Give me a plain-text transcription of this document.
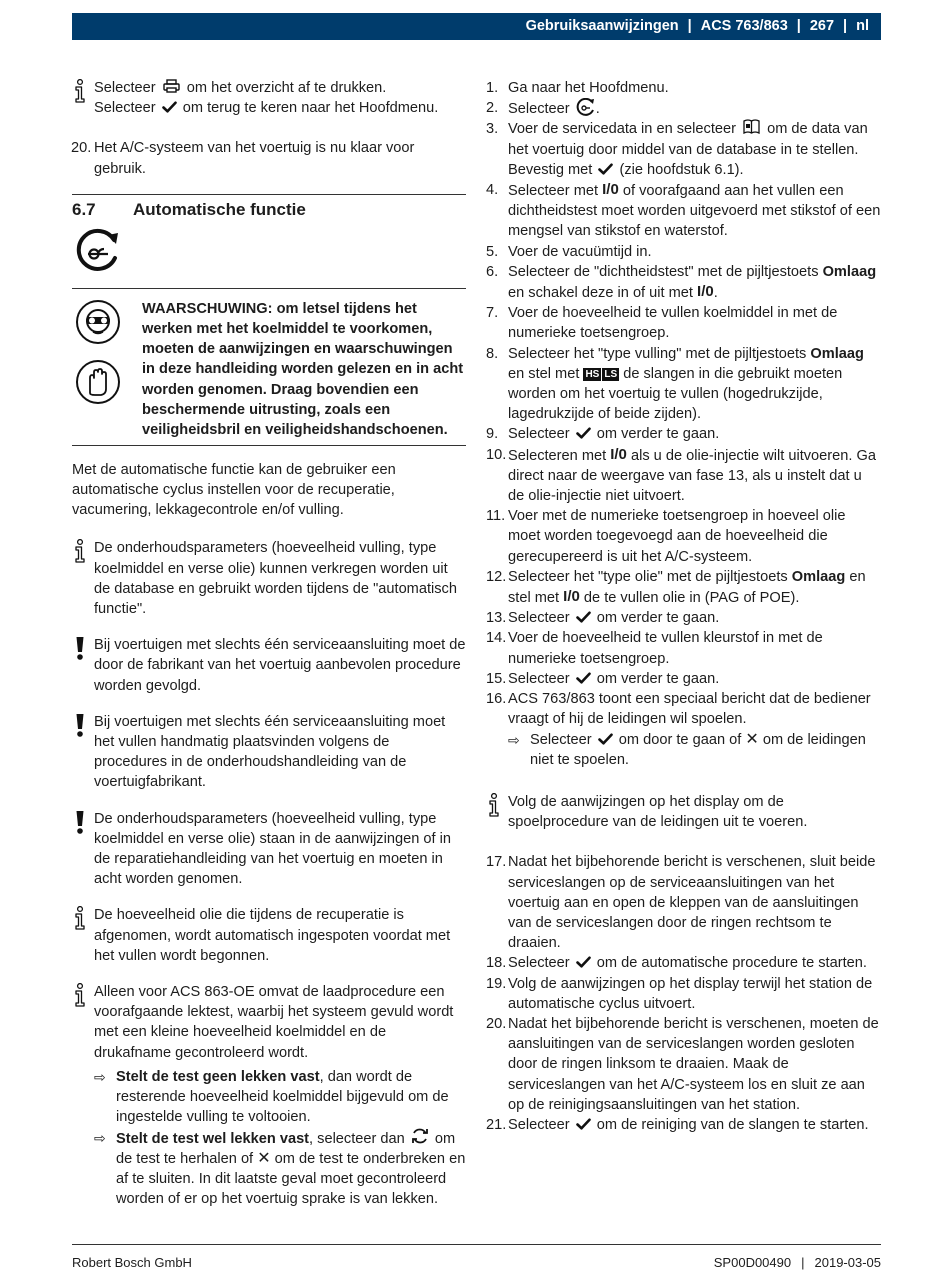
Gebruiksaanwijzingen | ACS 763/863 | 267 | nl

Selecteer om het overzicht af te drukken.
Selecteer om terug te keren naar het Hoofdmenu.

20. Het A/C-systeem van het voertuig is nu klaar voor gebruik.
6.7	Automatische functie

WAARSCHUWING: om letsel tijdens het werken met het koelmiddel te voorkomen, moeten de aanwijzingen en waarschuwingen in deze handleiding worden gelezen en in acht worden genomen. Draag bovendien een beschermende uitrusting, zoals een veiligheidsbril en veiligheidshandschoenen.

Met de automatische functie kan de gebruiker een automatische cyclus instellen voor de recuperatie, vacumering, lekkagecontrole en/of vulling.

De onderhoudsparameters (hoeveelheid vulling, type koelmiddel en verse olie) kunnen verkregen worden uit de database en gebruikt worden tijdens de "automatisch functie".

Bij voertuigen met slechts één serviceaansluiting moet de door de fabrikant van het voertuig aanbevolen procedure worden gevolgd.

Bij voertuigen met slechts één serviceaansluiting moet het vullen handmatig plaatsvinden volgens de procedures in de onderhoudshandleiding van de voertuigfabrikant.

De onderhoudsparameters (hoeveelheid vulling, type koelmiddel en verse olie) staan in de aanwijzingen of in de reparatiehandleiding van het voertuig en moeten in acht worden genomen.

De hoeveelheid olie die tijdens de recuperatie is afgenomen, wordt automatisch ingespoten voordat met het vullen wordt begonnen.

Alleen voor ACS 863-OE omvat de laadprocedure een voorafgaande lektest, waarbij het systeem gevuld wordt met een kleine hoeveelheid koelmiddel en de drukafname gecontroleerd wordt.

⇨ Stelt de test geen lekken vast, dan wordt de resterende hoeveelheid koelmiddel bijgevuld om de ingestelde vulling te voltooien.
⇨ Stelt de test wel lekken vast, selecteer dan om de test te herhalen of ✕ om de test te onderbreken en af te sluiten. In dit laatste geval moet gecontroleerd worden of er op het voertuig sprake is van lekken.
1. Ga naar het Hoofdmenu.
2. Selecteer .
3. Voer de servicedata in en selecteer om de data van het voertuig door middel van de database in te stellen. Bevestig met (zie hoofdstuk 6.1).
4. Selecteer met I/0 of voorafgaand aan het vullen een dichtheidstest moet worden uitgevoerd met stikstof of een mengsel van stikstof en waterstof.
5. Voer de vacuümtijd in.
6. Selecteer de "dichtheidstest" met de pijltjestoets Omlaag en schakel deze in of uit met I/0.
7. Voer de hoeveelheid te vullen koelmiddel in met de numerieke toetsengroep.
8. Selecteer het "type vulling" met de pijltjestoets Omlaag en stel met HS LS de slangen in die gebruikt moeten worden om het voertuig te vullen (hogedrukzijde, lagedrukzijde of beide zijden).
9. Selecteer om verder te gaan.
10. Selecteren met I/0 als u de olie-injectie wilt uitvoeren. Ga direct naar de weergave van fase 13, als u instelt dat u de olie-injectie niet uitvoert.
11. Voer met de numerieke toetsengroep in hoeveel olie moet worden toegevoegd aan de hoeveelheid die gerecupereerd is uit het A/C-systeem.
12. Selecteer het "type olie" met de pijltjestoets Omlaag en stel met I/0 de te vullen olie in (PAG of POE).
13. Selecteer om verder te gaan.
14. Voer de hoeveelheid te vullen kleurstof in met de numerieke toetsengroep.
15. Selecteer om verder te gaan.
16. ACS 763/863 toont een speciaal bericht dat de bediener vraagt of hij de leidingen wil spoelen.
⇨ Selecteer om door te gaan of ✕ om de leidingen niet te spoelen.

Volg de aanwijzingen op het display om de spoelprocedure van de leidingen uit te voeren.

17. Nadat het bijbehorende bericht is verschenen, sluit beide serviceslangen op de serviceaansluitingen van het voertuig aan en open de kleppen van de aansluitingen van de serviceslangen door de ringen rechtsom te draaien.
18. Selecteer om de automatische procedure te starten.
19. Volg de aanwijzingen op het display terwijl het station de automatische cyclus uitvoert.
20. Nadat het bijbehorende bericht is verschenen, moeten de aansluitingen van de serviceslangen worden gesloten door de ringen linksom te draaien. Maak de serviceslangen van het A/C-systeem los en sluit ze aan op de reinigingsaansluitingen van het station.
21. Selecteer om de reiniging van de slangen te starten.
Robert Bosch GmbH	SP00D00490 | 2019-03-05
